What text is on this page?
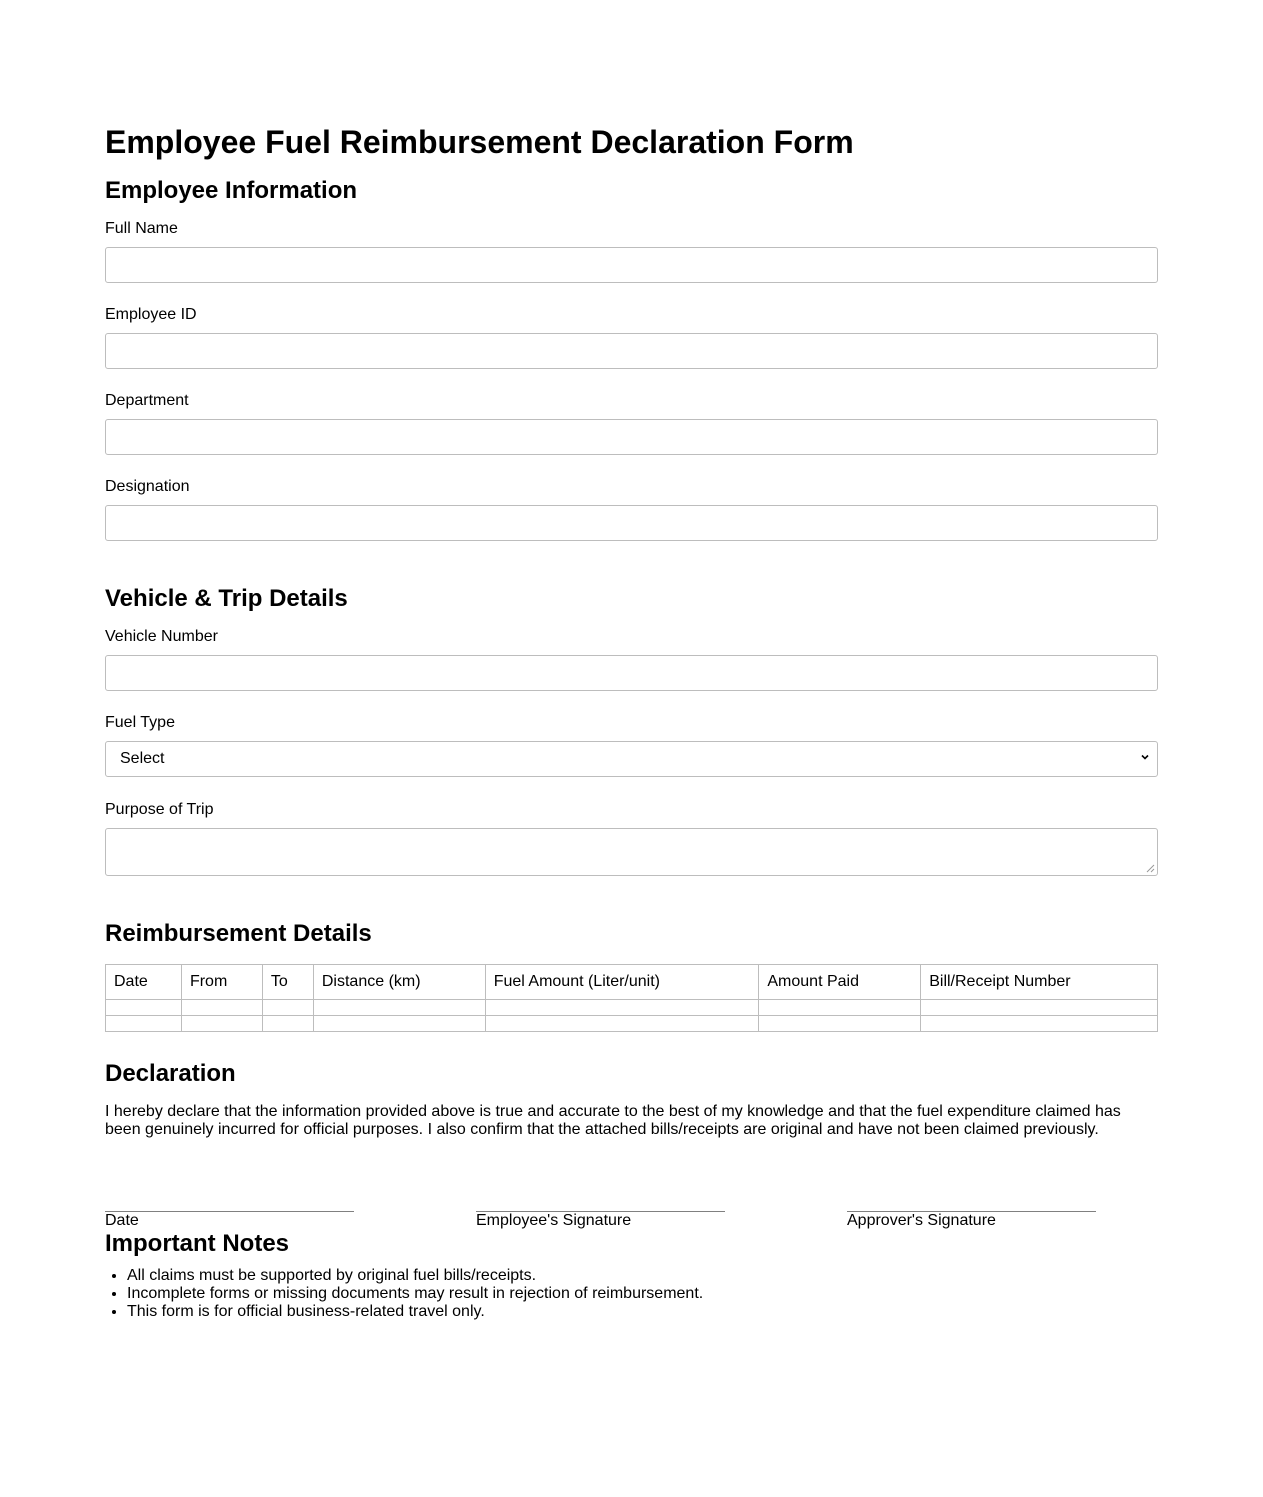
Employee Fuel Reimbursement Declaration Form
Employee Information
Full Name
Employee ID
Department
Designation
Vehicle & Trip Details
Vehicle Number
Fuel Type
Select
Purpose of Trip
Reimbursement Details
Date	From	To	Distance (km)	Fuel Amount (Liter/unit)	Amount Paid	Bill/Receipt Number

Declaration

I hereby declare that the information provided above is true and accurate to the best of my knowledge and that the fuel expenditure claimed has been genuinely incurred for official purposes. I also confirm that the attached bills/receipts are original and have not been claimed previously.

Date	Employee's Signature	Approver's Signature
Important Notes
• All claims must be supported by original fuel bills/receipts.
• Incomplete forms or missing documents may result in rejection of reimbursement.
• This form is for official business-related travel only.
